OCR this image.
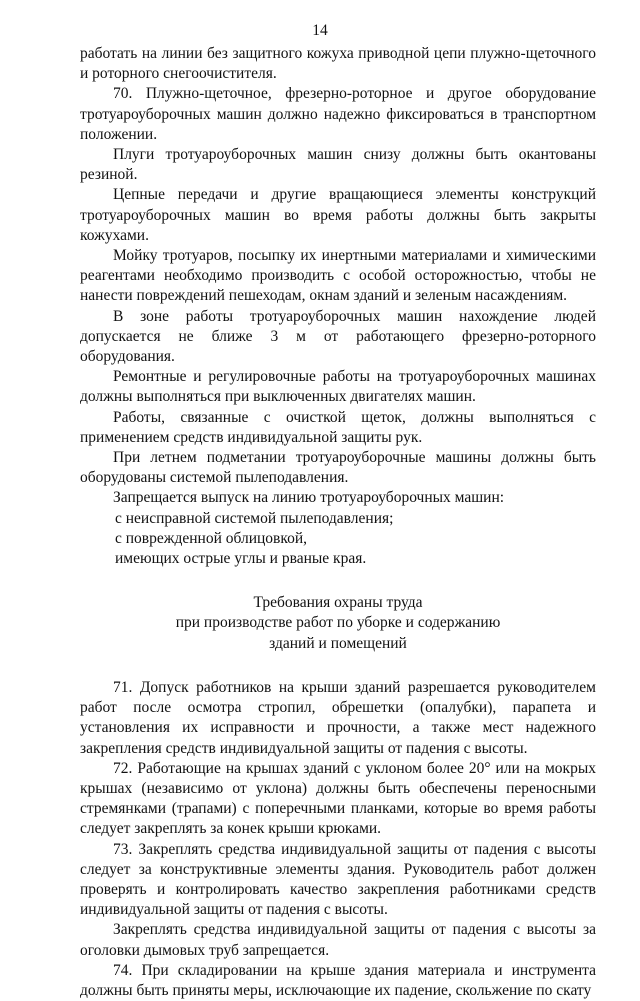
14

работать на линии без защитного кожуха приводной цепи плужно-щеточного и роторного снегоочистителя.

70. Плужно-щеточное, фрезерно-роторное и другое оборудование тротуароуборочных машин должно надежно фиксироваться в транспортном положении.

Плуги тротуароуборочных машин снизу должны быть окантованы резиной.

Цепные передачи и другие вращающиеся элементы конструкций тротуароуборочных машин во время работы должны быть закрыты кожухами.

Мойку тротуаров, посыпку их инертными материалами и химическими реагентами необходимо производить с особой осторожностью, чтобы не нанести повреждений пешеходам, окнам зданий и зеленым насаждениям.

В зоне работы тротуароуборочных машин нахождение людей допускается не ближе 3 м от работающего фрезерно-роторного оборудования.

Ремонтные и регулировочные работы на тротуароуборочных машинах должны выполняться при выключенных двигателях машин.

Работы, связанные с очисткой щеток, должны выполняться с применением средств индивидуальной защиты рук.

При летнем подметании тротуароуборочные машины должны быть оборудованы системой пылеподавления.

Запрещается выпуск на линию тротуароуборочных машин:

с неисправной системой пылеподавления;

с поврежденной облицовкой,

имеющих острые углы и рваные края.

Требования охраны труда
при производстве работ по уборке и содержанию
зданий и помещений

71. Допуск работников на крыши зданий разрешается руководителем работ после осмотра стропил, обрешетки (опалубки), парапета и установления их исправности и прочности, а также мест надежного закрепления средств индивидуальной защиты от падения с высоты.

72. Работающие на крышах зданий с уклоном более 20° или на мокрых крышах (независимо от уклона) должны быть обеспечены переносными стремянками (трапами) с поперечными планками, которые во время работы следует закреплять за конек крыши крюками.

73. Закреплять средства индивидуальной защиты от падения с высоты следует за конструктивные элементы здания. Руководитель работ должен проверять и контролировать качество закрепления работниками средств индивидуальной защиты от падения с высоты.

Закреплять средства индивидуальной защиты от падения с высоты за оголовки дымовых труб запрещается.

74. При складировании на крыше здания материала и инструмента должны быть приняты меры, исключающие их падение, скольжение по скату
